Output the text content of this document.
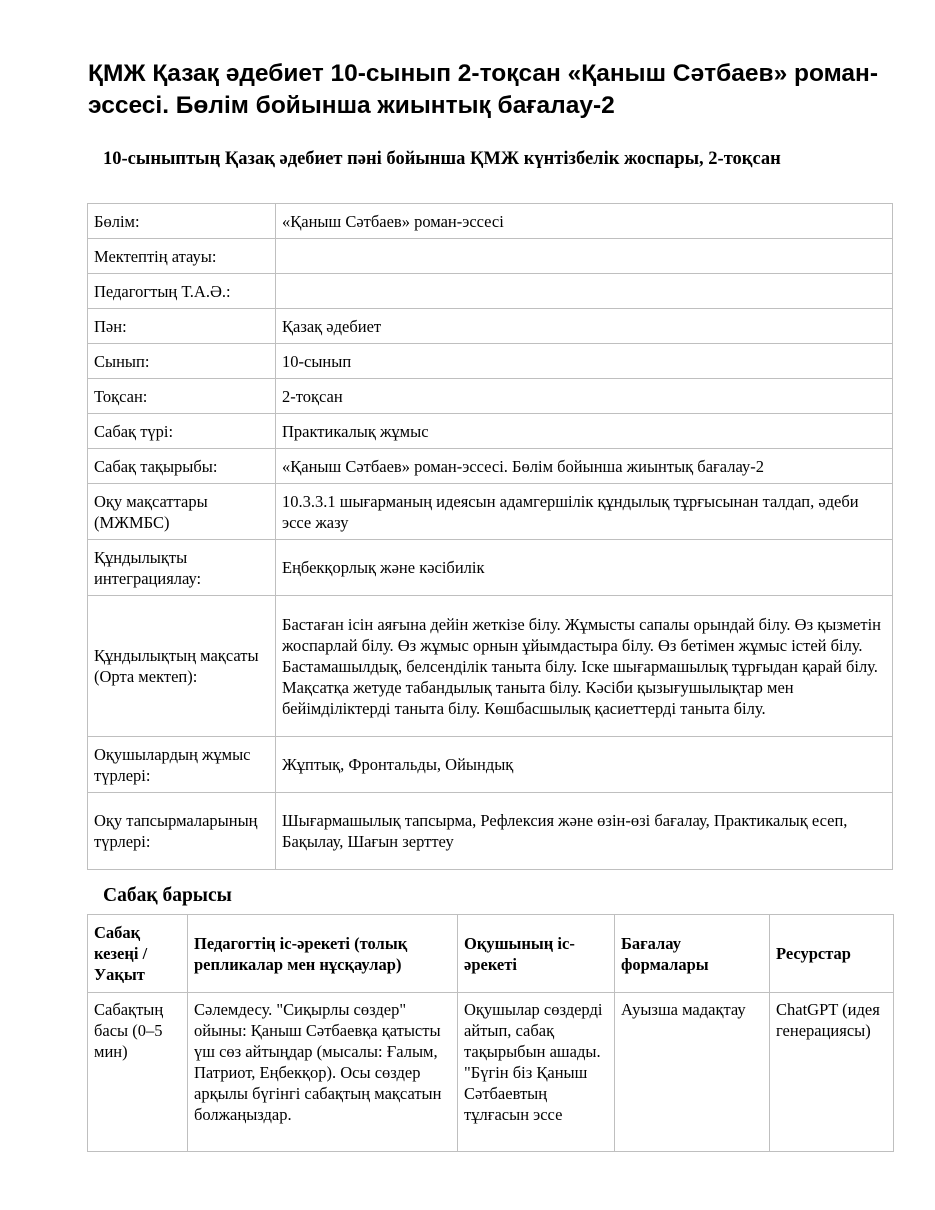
ҚМЖ Қазақ әдебиет 10-сынып 2-тоқсан «Қаныш Сәтбаев» роман-эссесі. Бөлім бойынша жиынтық бағалау-2
10-сыныптың Қазақ әдебиет пәні бойынша ҚМЖ күнтізбелік жоспары, 2-тоқсан
Бөлім:	«Қаныш Сәтбаев» роман-эссесі
Мектептің атауы:	
Педагогтың Т.А.Ә.:	
Пән:	Қазақ әдебиет
Сынып:	10-сынып
Тоқсан:	2-тоқсан
Сабақ түрі:	Практикалық жұмыс
Сабақ тақырыбы:	«Қаныш Сәтбаев» роман-эссесі. Бөлім бойынша жиынтық бағалау-2
Оқу мақсаттары (МЖМБС)	10.3.3.1 шығарманың идеясын адамгершілік құндылық тұрғысынан талдап, әдеби эссе жазу
Құндылықты интеграциялау:	Еңбекқорлық және кәсібилік
Құндылықтың мақсаты (Орта мектеп):	Бастаған ісін аяғына дейін жеткізе білу. Жұмысты сапалы орындай білу. Өз қызметін жоспарлай білу. Өз жұмыс орнын ұйымдастыра білу. Өз бетімен жұмыс істей білу. Бастамашылдық, белсенділік таныта білу. Іске шығармашылық тұрғыдан қарай білу. Мақсатқа жетуде табандылық таныта білу. Кәсіби қызығушылықтар мен бейімділіктерді таныта білу. Көшбасшылық қасиеттерді таныта білу.
Оқушылардың жұмыс түрлері:	Жұптық, Фронтальды, Ойындық
Оқу тапсырмаларының түрлері:	Шығармашылық тапсырма, Рефлексия және өзін-өзі бағалау, Практикалық есеп, Бақылау, Шағын зерттеу
Сабақ барысы
Сабақ кезеңі / Уақыт	Педагогтің іс-әрекеті (толық репликалар мен нұсқаулар)	Оқушының іс-әрекеті	Бағалау формалары	Ресурстар
Сабақтың басы (0–5 мин)	Сәлемдесу. "Сиқырлы сөздер" ойыны: Қаныш Сәтбаевқа қатысты үш сөз айтыңдар (мысалы: Ғалым, Патриот, Еңбекқор). Осы сөздер арқылы бүгінгі сабақтың мақсатын болжаңыздар.	Оқушылар сөздерді айтып, сабақ тақырыбын ашады. "Бүгін біз Қаныш Сәтбаевтың тұлғасын эссе	Ауызша мадақтау	ChatGPT (идея генерациясы)
